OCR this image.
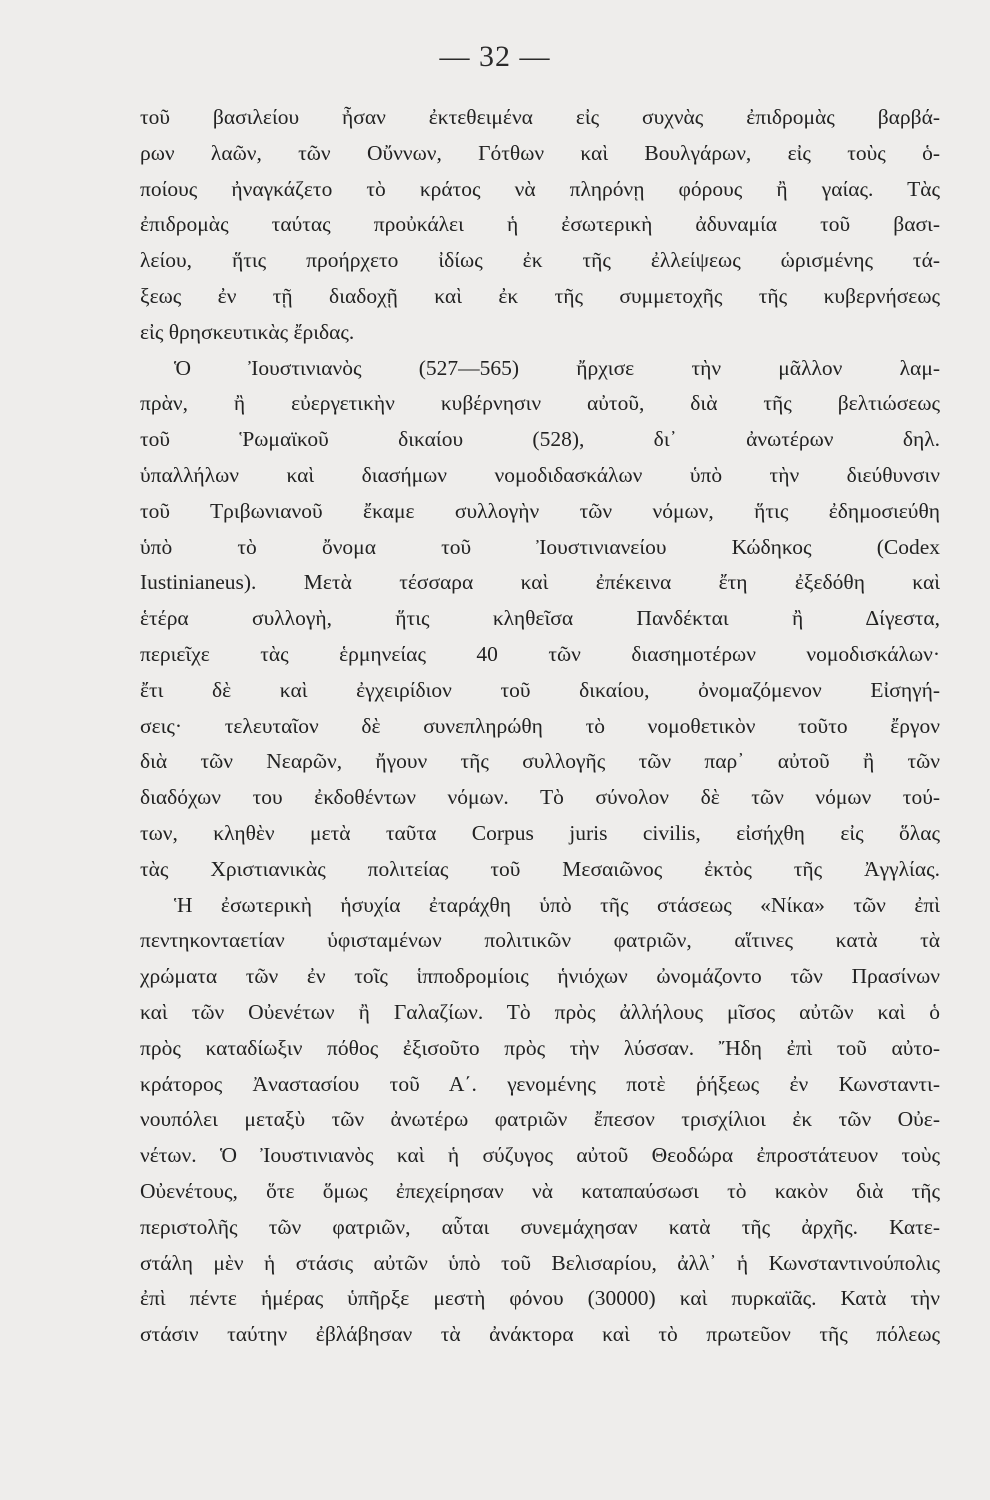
— 32 —
τοῦ βασιλείου ἦσαν ἐκτεθειμένα εἰς συχνὰς ἐπιδρομὰς βαρβά-
ρων λαῶν, τῶν Οὔννων, Γότθων καὶ Βουλγάρων, εἰς τοὺς ὁ-
ποίους ἠναγκάζετο τὸ κράτος νὰ πληρόνῃ φόρους ἢ γαίας. Τὰς
ἐπιδρομὰς ταύτας προὐκάλει ἡ ἐσωτερικὴ ἀδυναμία τοῦ βασι-
λείου, ἥτις προήρχετο ἰδίως ἐκ τῆς ἐλλείψεως ὡρισμένης τά-
ξεως ἐν τῇ διαδοχῇ καὶ ἐκ τῆς συμμετοχῆς τῆς κυβερνήσεως
εἰς θρησκευτικὰς ἔριδας.
Ὁ Ἰουστινιανὸς (527—565) ἤρχισε τὴν μᾶλλον λαμ-
πρὰν, ἢ εὐεργετικὴν κυβέρνησιν αὐτοῦ, διὰ τῆς βελτιώσεως
τοῦ Ῥωμαϊκοῦ δικαίου (528), δι᾽ ἀνωτέρων δηλ.
ὑπαλλήλων καὶ διασήμων νομοδιδασκάλων ὑπὸ τὴν διεύθυνσιν
τοῦ Τριβωνιανοῦ ἔκαμε συλλογὴν τῶν νόμων, ἥτις ἐδημοσιεύθη
ὑπὸ τὸ ὄνομα τοῦ Ἰουστινιανείου Κώδηκος (Codex
Iustinianeus). Μετὰ τέσσαρα καὶ ἐπέκεινα ἔτη ἐξεδόθη καὶ
ἑτέρα συλλογὴ, ἥτις κληθεῖσα Πανδέκται ἢ Δίγεστα,
περιεῖχε τὰς ἑρμηνείας 40 τῶν διασημοτέρων νομοδισκάλων·
ἔτι δὲ καὶ ἐγχειρίδιον τοῦ δικαίου, ὀνομαζόμενον Εἰσηγή-
σεις· τελευταῖον δὲ συνεπληρώθη τὸ νομοθετικὸν τοῦτο ἔργον
διὰ τῶν Νεαρῶν, ἤγουν τῆς συλλογῆς τῶν παρ᾽ αὐτοῦ ἢ τῶν
διαδόχων του ἐκδοθέντων νόμων. Τὸ σύνολον δὲ τῶν νόμων τού-
των, κληθὲν μετὰ ταῦτα Corpus juris civilis, εἰσήχθη εἰς ὅλας
τὰς Χριστιανικὰς πολιτείας τοῦ Μεσαιῶνος ἐκτὸς τῆς Ἀγγλίας.
Ἡ ἐσωτερικὴ ἡσυχία ἐταράχθη ὑπὸ τῆς στάσεως «Νίκα» τῶν ἐπὶ
πεντηκονταετίαν ὑφισταμένων πολιτικῶν φατριῶν, αἵτινες κατὰ τὰ
χρώματα τῶν ἐν τοῖς ἱπποδρομίοις ἡνιόχων ὠνομάζοντο τῶν Πρασίνων
καὶ τῶν Οὐενέτων ἢ Γαλαζίων. Τὸ πρὸς ἀλλήλους μῖσος αὐτῶν καὶ ὁ
πρὸς καταδίωξιν πόθος ἐξισοῦτο πρὸς τὴν λύσσαν. Ἤδη ἐπὶ τοῦ αὐτο-
κράτορος Ἀναστασίου τοῦ Α΄. γενομένης ποτὲ ῥήξεως ἐν Κωνσταντι-
νουπόλει μεταξὺ τῶν ἀνωτέρω φατριῶν ἔπεσον τρισχίλιοι ἐκ τῶν Οὐε-
νέτων. Ὁ Ἰουστινιανὸς καὶ ἡ σύζυγος αὐτοῦ Θεοδώρα ἐπροστάτευον τοὺς
Οὐενέτους, ὅτε ὅμως ἐπεχείρησαν νὰ καταπαύσωσι τὸ κακὸν διὰ τῆς
περιστολῆς τῶν φατριῶν, αὗται συνεμάχησαν κατὰ τῆς ἀρχῆς. Κατε-
στάλη μὲν ἡ στάσις αὐτῶν ὑπὸ τοῦ Βελισαρίου, ἀλλ᾽ ἡ Κωνσταντινούπολις
ἐπὶ πέντε ἡμέρας ὑπῆρξε μεστὴ φόνου (30000) καὶ πυρκαϊᾶς. Κατὰ τὴν
στάσιν ταύτην ἐβλάβησαν τὰ ἀνάκτορα καὶ τὸ πρωτεῦον τῆς πόλεως
